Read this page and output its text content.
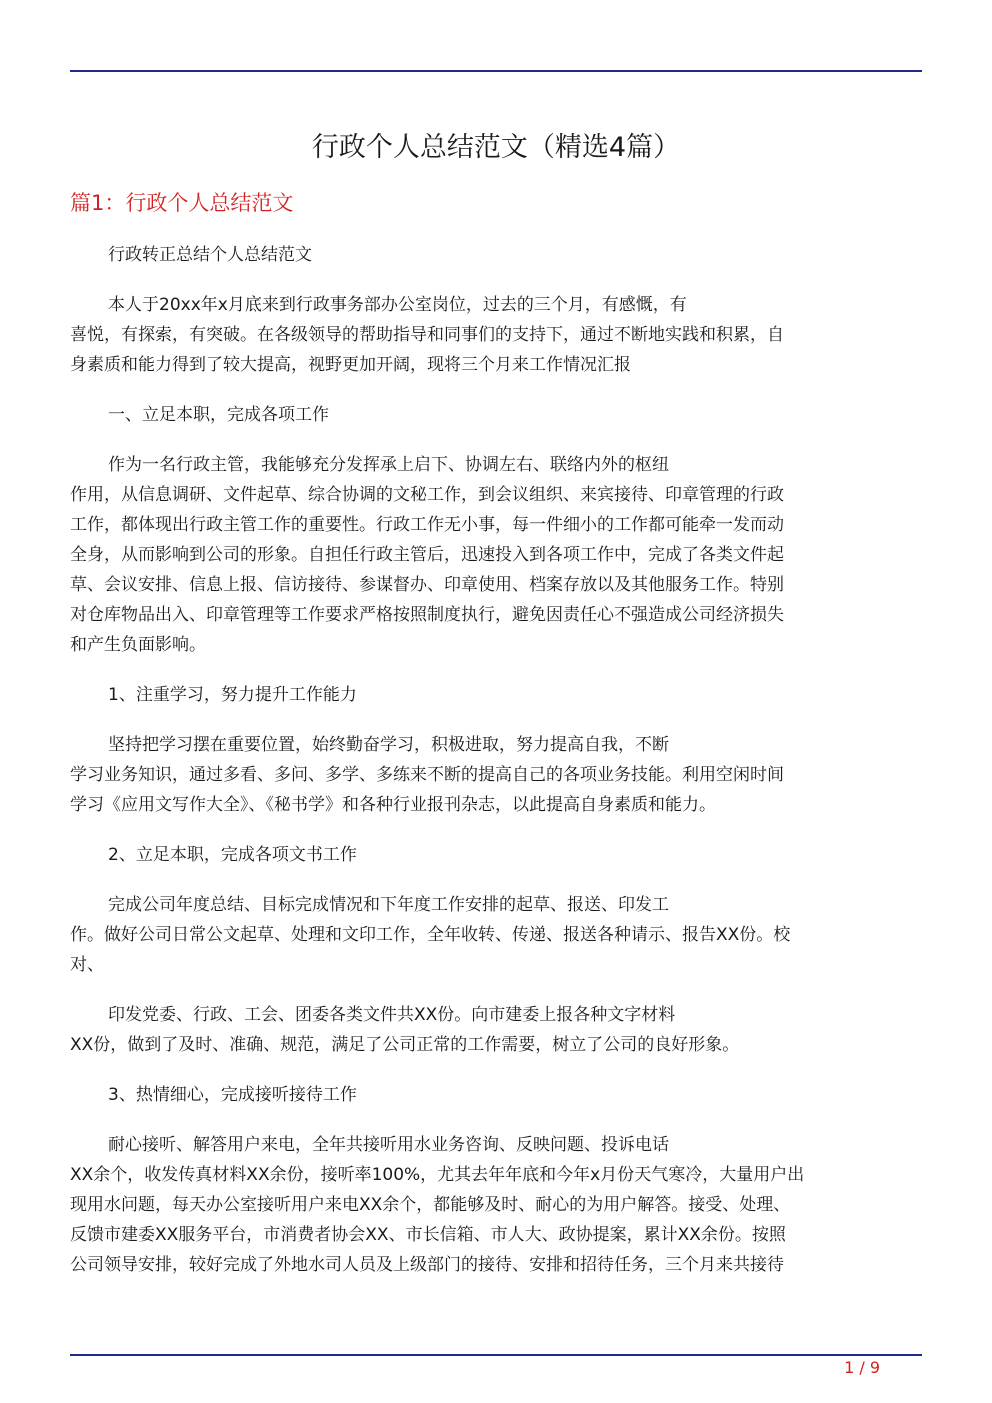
行政个人总结范文（精选4篇）
篇1：行政个人总结范文

行政转正总结个人总结范文

本人于20xx年x月底来到行政事务部办公室岗位，过去的三个月，有感慨，有
喜悦，有探索，有突破。在各级领导的帮助指导和同事们的支持下，通过不断地实践和积累，自
身素质和能力得到了较大提高，视野更加开阔，现将三个月来工作情况汇报

一、立足本职，完成各项工作

作为一名行政主管，我能够充分发挥承上启下、协调左右、联络内外的枢纽
作用，从信息调研、文件起草、综合协调的文秘工作，到会议组织、来宾接待、印章管理的行政
工作，都体现出行政主管工作的重要性。行政工作无小事，每一件细小的工作都可能牵一发而动
全身，从而影响到公司的形象。自担任行政主管后，迅速投入到各项工作中，完成了各类文件起
草、会议安排、信息上报、信访接待、参谋督办、印章使用、档案存放以及其他服务工作。特别
对仓库物品出入、印章管理等工作要求严格按照制度执行，避免因责任心不强造成公司经济损失
和产生负面影响。

1、注重学习，努力提升工作能力

坚持把学习摆在重要位置，始终勤奋学习，积极进取，努力提高自我，不断
学习业务知识，通过多看、多问、多学、多练来不断的提高自己的各项业务技能。利用空闲时间
学习《应用文写作大全》、《秘书学》和各种行业报刊杂志，以此提高自身素质和能力。

2、立足本职，完成各项文书工作

完成公司年度总结、目标完成情况和下年度工作安排的起草、报送、印发工
作。做好公司日常公文起草、处理和文印工作，全年收转、传递、报送各种请示、报告XX份。校
对、

印发党委、行政、工会、团委各类文件共XX份。向市建委上报各种文字材料
XX份，做到了及时、准确、规范，满足了公司正常的工作需要，树立了公司的良好形象。

3、热情细心，完成接听接待工作

耐心接听、解答用户来电，全年共接听用水业务咨询、反映问题、投诉电话
XX余个，收发传真材料XX余份，接听率100%，尤其去年年底和今年x月份天气寒冷，大量用户出
现用水问题，每天办公室接听用户来电XX余个，都能够及时、耐心的为用户解答。接受、处理、
反馈市建委XX服务平台，市消费者协会XX、市长信箱、市人大、政协提案，累计XX余份。按照
公司领导安排，较好完成了外地水司人员及上级部门的接待、安排和招待任务，三个月来共接待

1 / 9
